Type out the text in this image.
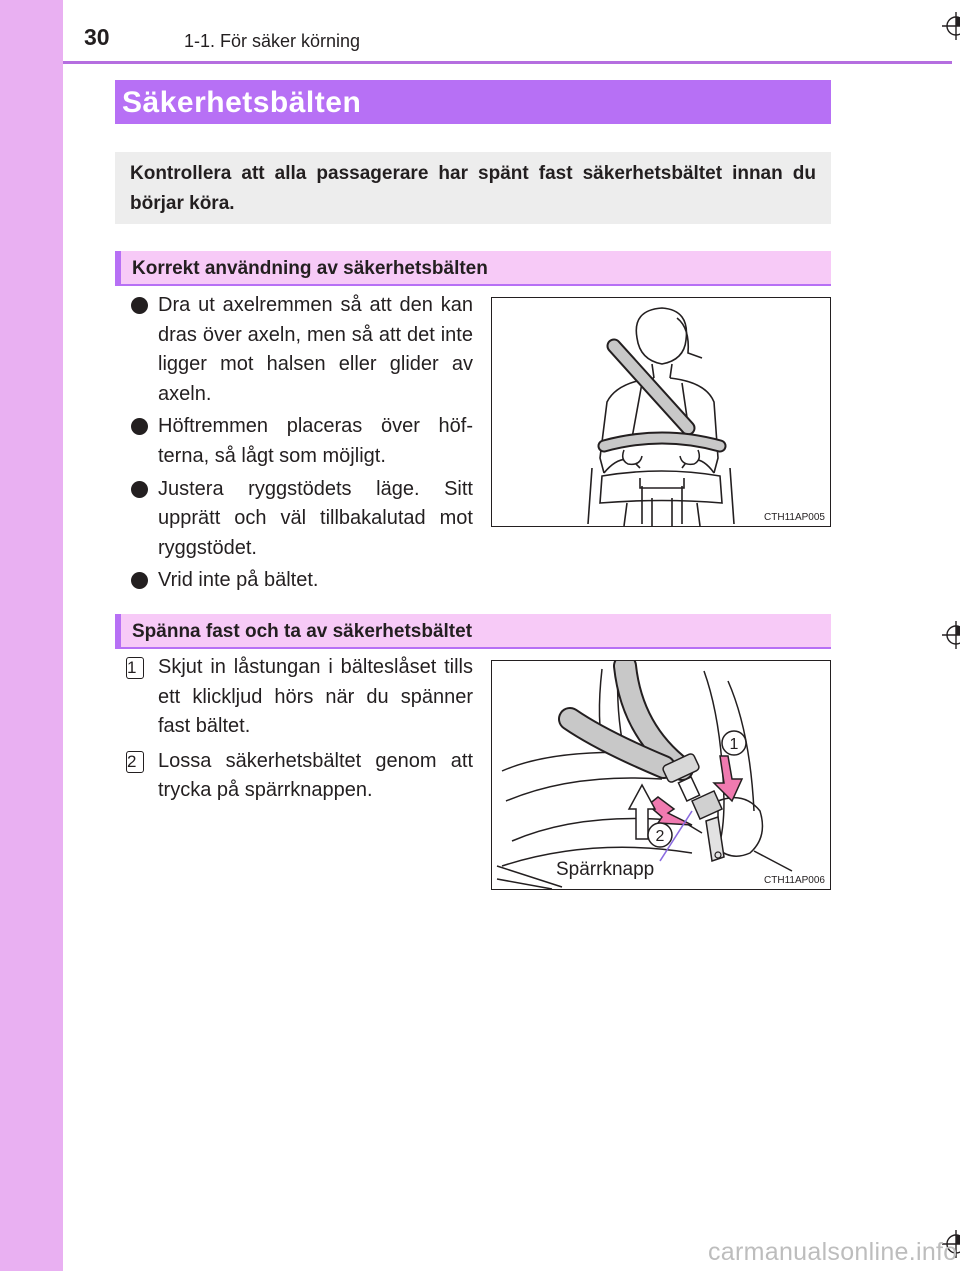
30	1-1. För säker körning
Säkerhetsbälten

Kontrollera att alla passagerare har spänt fast säkerhetsbältet innan du börjar köra.

Korrekt användning av säkerhetsbälten
Dra ut axelremmen så att den kan dras över axeln, men så att det inte ligger mot halsen eller glider av axeln.
Höftremmen placeras över höf-terna, så lågt som möjligt.
Justera ryggstödets läge. Sitt upprätt och väl tillbakalutad mot ryggstödet.
Vrid inte på bältet.
CTH11AP005
Spänna fast och ta av säkerhetsbältet
1	Skjut in låstungan i bälteslåset tills ett klickljud hörs när du spänner fast bältet.
2	Lossa säkerhetsbältet genom att trycka på spärrknappen.
1
2
Spärrknapp
CTH11AP006
carmanualsonline.info
